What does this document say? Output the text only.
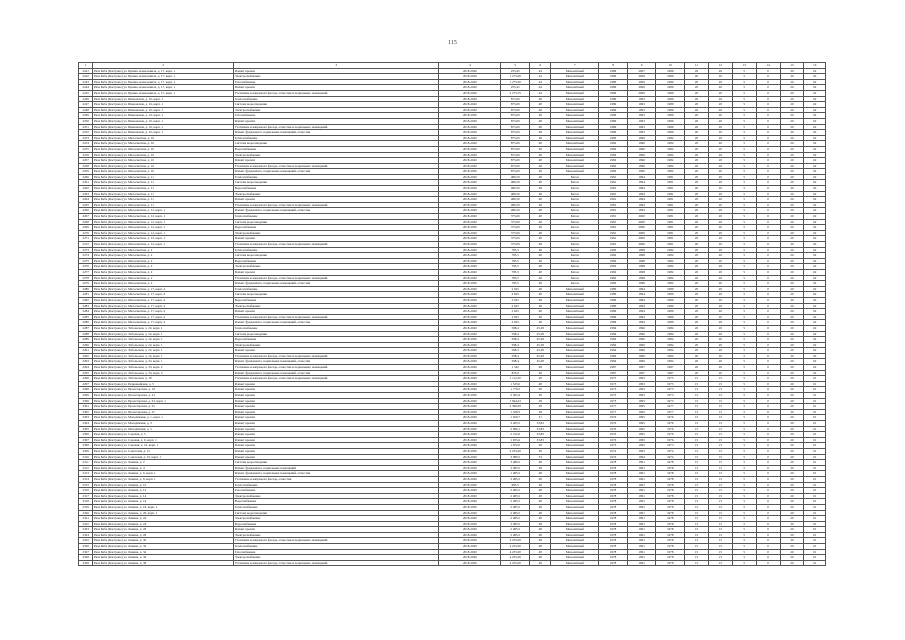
115
1	2	3	4	5	6	7	8	9	10	11	12	13	14	15	16
2241	Риза Баба (Кастрово) ул. Бранна-Алексеевича, д. 17, корп. 1	Ремонт кровли	2018-2020	255,45	44	Монолитный	1989	2007	1989	20	20	5	0	20	02
2242	Риза Баба (Кастрово) ул. Бранна-Алексеевича, д. 17, корп. 1	Электроснабжение	2018-2020	1 275,00	44	Монолитный	1989	2009	1989	20	20	5	0	20	02
2243	Риза Баба (Кастрово) ул. Бранна-Алексеевича, д. 17, корп. 1	Газоснабжение	2018-2020	1 275,00	44	Монолитный	1989	2009	1989	20	20	5	0	20	02
2244	Риза Баба (Кастрово) ул. Бранна-Алексеевича, д. 17, корп. 1	Ремонт кровли	2018-2020	255,45	44	Монолитный	1989	2009	1989	20	20	5	0	20	02
2245	Риза Баба (Кастрово) ул. Бранна-Алексеевича, д. 17, корп. 1	Утепление и капремонт фасада, отмостки и подвальных помещений	2018-2020	2 275,55	44	Монолитный	1989	2009	1989	20	20	5	0	20	02
2246	Риза Баба (Кастрово) ул. Ивановская, д. 16, корп. 1	Теплоснабжение	2018-2020	875,00	48	Монолитный	1989	1993	1989	20	20	5	0	20	02
2247	Риза Баба (Кастрово) ул. Ивановская, д. 16, корп. 1	Система водоотведения	2018-2020	875,00	48	Монолитный	1989	1993	1989	20	20	5	0	20	02
2248	Риза Баба (Кастрово) ул. Ивановская, д. 16, корп. 1	Электроснабжение	2018-2020	875,00	48	Монолитный	1989	1993	1989	20	20	5	0	20	02
2249	Риза Баба (Кастрово) ул. Ивановская, д. 16, корп. 1	Газоснабжение	2018-2020	875,00	48	Монолитный	1989	1993	1989	20	20	5	0	20	02
2250	Риза Баба (Кастрово) ул. Ивановская, д. 16, корп. 1	Ремонт кровли	2018-2020	875,00	48	Монолитный	1989	1993	1989	20	20	5	0	20	02
2251	Риза Баба (Кастрово) ул. Ивановская, д. 16, корп. 1	Утепление и капремонт фасада, отмостки и подвальных помещений	2018-2020	875,00	48	Монолитный	1989	1993	1989	20	20	5	0	20	02
2252	Риза Баба (Кастрово) ул. Ивановская, д. 16, корп. 1	Ремонт фундамента, подвальных помещений, отмостки	2018-2020	875,00	48	Монолитный	1989	1993	1989	20	20	5	0	20	02
2253	Риза Баба (Кастрово) ул. Малосветная, д. 10	Теплоснабжение	2018-2020	875,00	48	Монолитный	1982	1996	1982	20	20	5	0	20	02
2254	Риза Баба (Кастрово) ул. Малосветная, д. 10	Система водоотведения	2018-2020	875,00	48	Монолитный	1982	1996	1982	20	20	5	0	20	02
2255	Риза Баба (Кастрово) ул. Малосветная, д. 10	Водоснабжение	2018-2020	875,00	48	Монолитный	1982	1996	1982	20	20	5	0	20	02
2256	Риза Баба (Кастрово) ул. Малосветная, д. 10	Электроснабжение	2018-2020	875,00	48	Монолитный	1982	1996	1982	20	20	5	0	20	02
2257	Риза Баба (Кастрово) ул. Малосветная, д. 10	Ремонт кровли	2018-2020	875,00	48	Монолитный	1982	1996	1982	20	20	5	0	20	02
2258	Риза Баба (Кастрово) ул. Малосветная, д. 10	Утепление и капремонт фасада, отмостки и подвальных помещений	2018-2020	875,00	48	Монолитный	1982	1996	1982	20	20	5	0	20	02
2259	Риза Баба (Кастрово) ул. Малосветная, д. 10	Ремонт фундамента, подвальных помещений, отмостки	2018-2020	875,00	48	Монолитный	1982	1996	1982	20	20	5	0	20	02
2260	Риза Баба (Кастрово) ул. Малосветная, д. 11	Теплоснабжение	2018-2020	486,50	48	Бетон	1981	1994	1981	20	20	5	0	20	02
2261	Риза Баба (Кастрово) ул. Малосветная, д. 11	Система водоотведения	2018-2020	486,50	48	Бетон	1981	1994	1981	20	20	5	0	20	02
2262	Риза Баба (Кастрово) ул. Малосветная, д. 11	Водоснабжение	2018-2020	486,50	48	Бетон	1981	1994	1981	20	20	5	0	20	02
2263	Риза Баба (Кастрово) ул. Малосветная, д. 11	Электроснабжение	2018-2020	486,50	48	Бетон	1981	1994	1981	20	20	5	0	20	02
2264	Риза Баба (Кастрово) ул. Малосветная, д. 11	Ремонт кровли	2018-2020	486,50	48	Бетон	1981	1994	1981	20	20	5	0	20	02
2265	Риза Баба (Кастрово) ул. Малосветная, д. 11	Утепление и капремонт фасада, отмостки и подвальных помещений	2018-2020	486,50	48	Бетон	1981	1994	1981	20	20	5	0	20	02
2266	Риза Баба (Кастрово) ул. Малосветная, д. 12, корп. 1	Ремонт фундамента, подвальных помещений, отмостки	2018-2020	486,50	48	Бетон	1981	1994	1981	20	20	5	0	20	02
2267	Риза Баба (Кастрово) ул. Малосветная, д. 12, корп. 1	Теплоснабжение	2018-2020	375,00	48	Бетон	1981	2000	1981	20	20	5	0	20	02
2268	Риза Баба (Кастрово) ул. Малосветная, д. 12, корп. 1	Система водоотведения	2018-2020	375,00	48	Бетон	1981	2000	1981	20	20	5	0	20	02
2269	Риза Баба (Кастрово) ул. Малосветная, д. 12, корп. 1	Водоснабжение	2018-2020	375,00	48	Бетон	1981	2000	1981	20	20	5	0	20	02
2270	Риза Баба (Кастрово) ул. Малосветная, д. 12, корп. 1	Электроснабжение	2018-2020	375,00	48	Бетон	1981	2000	1981	20	20	5	0	20	02
2271	Риза Баба (Кастрово) ул. Малосветная, д. 12, корп. 1	Ремонт кровли	2018-2020	375,00	48	Бетон	1981	2000	1981	20	20	5	0	20	02
2272	Риза Баба (Кастрово) ул. Малосветная, д. 12, корп. 1	Утепление и капремонт фасада, отмостки и подвальных помещений	2018-2020	375,00	48	Бетон	1981	2000	1981	20	20	5	0	20	02
2273	Риза Баба (Кастрово) ул. Малосветная, д. 2	Теплоснабжение	2018-2020	785,5	48	Бетон	1982	1998	1982	20	20	5	0	20	02
2274	Риза Баба (Кастрово) ул. Малосветная, д. 2	Система водоотведения	2018-2020	785,5	48	Бетон	1982	1998	1982	20	20	5	0	20	02
2275	Риза Баба (Кастрово) ул. Малосветная, д. 2	Водоснабжение	2018-2020	785,5	48	Бетон	1982	1998	1982	20	20	5	0	20	02
2276	Риза Баба (Кастрово) ул. Малосветная, д. 2	Электроснабжение	2018-2020	785,5	48	Бетон	1982	1998	1982	20	20	5	0	20	02
2277	Риза Баба (Кастрово) ул. Малосветная, д. 2	Ремонт кровли	2018-2020	785,5	48	Бетон	1982	1998	1982	20	20	5	0	20	02
2278	Риза Баба (Кастрово) ул. Малосветная, д. 2	Утепление и капремонт фасада, отмостки и подвальных помещений	2018-2020	785,5	48	Бетон	1982	1998	1982	20	20	5	0	20	02
2279	Риза Баба (Кастрово) ул. Малосветная, д. 2	Ремонт фундамента, подвальных помещений, отмостки	2018-2020	785,5	48	Бетон	1982	1998	1982	20	20	5	0	20	02
2280	Риза Баба (Кастрово) ул. Малосветная, д. 17, корп. 4	Теплоснабжение	2018-2020	2 625	48	Монолитный	1989	1994	1989	20	20	5	0	20	02
2281	Риза Баба (Кастрово) ул. Малосветная, д. 17, корп. 4	Система водоотведения	2018-2020	2 625	48	Монолитный	1989	1994	1989	20	20	5	0	20	02
2282	Риза Баба (Кастрово) ул. Малосветная, д. 17, корп. 4	Водоснабжение	2018-2020	2 625	48	Монолитный	1989	1994	1989	20	20	5	0	20	02
2283	Риза Баба (Кастрово) ул. Малосветная, д. 17, корп. 4	Электроснабжение	2018-2020	2 625	48	Монолитный	1989	1994	1989	20	20	5	0	20	02
2284	Риза Баба (Кастрово) ул. Малосветная, д. 17, корп. 4	Ремонт кровли	2018-2020	2 625	48	Монолитный	1989	1994	1989	20	20	5	0	20	02
2285	Риза Баба (Кастрово) ул. Малосветная, д. 17, корп. 4	Утепление и капремонт фасада, отмостки и подвальных помещений	2018-2020	2 625	48	Монолитный	1989	1994	1989	20	20	5	0	20	02
2286	Риза Баба (Кастрово) ул. Малосветная, д. 17, корп. 4	Ремонт фундамента, подвальных помещений, отмостки	2018-2020	2 625	48	Монолитный	1989	1994	1989	20	20	5	0	20	02
2287	Риза Баба (Кастрово) ул. Тобольская, д. 22, корп. 1	Теплоснабжение	2018-2020	598,4	45,28	Монолитный	1984	1996	1984	20	20	5	0	20	02
2288	Риза Баба (Кастрово) ул. Тобольская, д. 22, корп. 1	Система водоотведения	2018-2020	598,4	45,28	Монолитный	1984	1996	1984	20	20	5	0	20	02
2289	Риза Баба (Кастрово) ул. Тобольская, д. 22, корп. 1	Водоснабжение	2018-2020	598,4	45,28	Монолитный	1984	1996	1984	20	20	5	0	20	02
2290	Риза Баба (Кастрово) ул. Тобольская, д. 22, корп. 1	Электроснабжение	2018-2020	598,4	45,28	Монолитный	1984	1996	1984	20	20	5	0	20	02
2291	Риза Баба (Кастрово) ул. Тобольская, д. 22, корп. 1	Ремонт кровли	2018-2020	598,4	45,28	Монолитный	1984	1996	1984	20	20	5	0	20	02
2292	Риза Баба (Кастрово) ул. Тобольская, д. 22, корп. 1	Утепление и капремонт фасада, отмостки и подвальных помещений	2018-2020	598,4	45,28	Монолитный	1984	1996	1984	20	20	5	0	20	02
2293	Риза Баба (Кастрово) ул. Тобольская, д. 22, корп. 1	Ремонт фундамента, подвальных помещений, отмостки	2018-2020	598,4	45,28	Монолитный	1984	1996	1984	20	20	5	0	20	02
2294	Риза Баба (Кастрово) ул. Тобольская, д. 33, корп. 2	Утепление и капремонт фасада, отмостки и подвальных помещений	2018-2020	1 542	48	Монолитный	1987	1997	1987	20	20	5	0	20	02
2295	Риза Баба (Кастрово) ул. Тобольская, д. 33, корп. 2	Ремонт фундамента, подвальных помещений, отмостки	2018-2020	825,0	48	Монолитный	1987	1997	1987	20	20	5	0	20	02
2296	Риза Баба (Кастрово) ул. Тобольская, д. 18	Утепление и капремонт фасада, отмостки и подвальных помещений	2018-2020	1 112,20	28	Монолитный	1975	1993	1975	15	15	5	0	20	01
2297	Риза Баба (Кастрово) ул. Первомайская, д. 5	Ремонт кровли	2018-2020	1 525,0	48	Монолитный	1973	1993	1973	15	15	5	0	20	01
2298	Риза Баба (Кастрово) ул. Пролетарская, д. 19	Ремонт кровли	2018-2020	1 776,5	28	Монолитный	1973	1993	1973	15	15	5	0	20	01
2299	Риза Баба (Кастрово) ул. Пролетарская, д. 21	Ремонт кровли	2018-2020	2 365,4	28	Монолитный	1973	1993	1973	15	15	5	0	20	01
2300	Риза Баба (Кастрово) ул. Пролетарская, д. 23, корп. 1	Ремонт кровли	2018-2020	1 944,43	28	Монолитный	1973	1993	1973	15	15	5	0	20	01
2301	Риза Баба (Кастрово) ул. Пролетарская, д. 25	Ремонт кровли	2018-2020	2 396,09	28	Монолитный	1977	1995	1977	15	15	5	0	20	01
2302	Риза Баба (Кастрово) ул. Пролетарская, д. 27	Ремонт кровли	2018-2020	1 528,5	28	Монолитный	1977	1995	1977	15	15	5	0	20	01
2303	Риза Баба (Кастрово) ул. Молодёжная, д. 1, корп. 1	Ремонт кровли	2018-2020	1 650,7	31	Монолитный	1976	1995	1976	15	15	5	0	20	01
2304	Риза Баба (Кастрово) ул. Молодёжная, д. 3	Ремонт кровли	2018-2020	2 465,5	33,83	Монолитный	1976	1995	1976	15	15	5	0	20	01
2305	Риза Баба (Кастрово) ул. Молодёжная, д. 5	Ремонт кровли	2018-2020	2 996,1	33,83	Монолитный	1976	1995	1976	15	15	5	0	20	01
2306	Риза Баба (Кастрово) ул. Садовая, д. 5	Ремонт кровли	2018-2020	2 312,0	33,83	Монолитный	1976	1995	1976	15	15	5	0	20	01
2307	Риза Баба (Кастрово) ул. Садовая, д. 6, корп. 1	Ремонт кровли	2018-2020	1 655,6	33,83	Монолитный	1976	1995	1976	15	15	5	0	20	01
2308	Риза Баба (Кастрово) ул. Садовая, д. 10, корп. 1	Ремонт кровли	2018-2020	1 972,6	28	Монолитный	1973	1992	1973	15	15	5	0	20	01
2309	Риза Баба (Кастрово) ул. Советская, д. 15	Ремонт кровли	2018-2020	2 235,66	28	Монолитный	1974	1993	1974	15	15	5	0	20	01
2310	Риза Баба (Кастрово) ул. Советская, д. 25, корп. 1	Ремонт кровли	2018-2020	3 080,5	33	Монолитный	1974	1994	1974	15	15	5	0	20	01
2311	Риза Баба (Кастрово) ул. Ленина, д. 2	Система водоотведения	2018-2020	3 480,5	48	Монолитный	1978	1991	1978	15	15	5	0	20	01
2312	Риза Баба (Кастрово) ул. Ленина, д. 4	Ремонт фундамента, подвальных помещений	2018-2020	2 485,5	48	Монолитный	1978	1991	1978	15	15	5	0	20	01
2313	Риза Баба (Кастрово) ул. Ленина, д. 6, корп. 1	Ремонт фундамента, подвальных помещений, отмостки	2018-2020	1 485,5	48	Монолитный	1978	1991	1978	15	15	5	0	20	01
2314	Риза Баба (Кастрово) ул. Ленина, д. 8, корп. 1	Утепление и капремонт фасада, отмостки	2018-2020	2 485,5	48	Монолитный	1978	1991	1978	15	15	5	0	20	01
2315	Риза Баба (Кастрово) ул. Ленина, д. 10	Теплоснабжение	2018-2020	985,5	48	Монолитный	1978	1991	1978	15	15	5	0	20	01
2316	Риза Баба (Кастрово) ул. Ленина, д. 12	Газоснабжение	2018-2020	2 485,5	48	Монолитный	1978	1991	1978	15	15	5	0	20	01
2317	Риза Баба (Кастрово) ул. Ленина, д. 14	Электроснабжение	2018-2020	2 485,5	48	Монолитный	1978	1991	1978	15	15	5	0	20	01
2318	Риза Баба (Кастрово) ул. Ленина, д. 16	Водоснабжение	2018-2020	2 485,5	48	Монолитный	1978	1991	1978	15	15	5	0	20	01
2319	Риза Баба (Кастрово) ул. Ленина, д. 18, корп. 1	Теплоснабжение	2018-2020	2 485,5	48	Монолитный	1978	1991	1978	15	15	5	0	20	01
2320	Риза Баба (Кастрово) ул. Ленина, д. 20, корп. 1	Система водоотведения	2018-2020	2 485,5	48	Монолитный	1978	1991	1978	15	15	5	0	20	01
2321	Риза Баба (Кастрово) ул. Ленина, д. 22	Электроснабжение	2018-2020	2 485,5	48	Монолитный	1978	1991	1978	15	15	5	0	20	01
2322	Риза Баба (Кастрово) ул. Ленина, д. 24	Водоснабжение	2018-2020	2 485,5	48	Монолитный	1978	1991	1978	15	15	5	0	20	01
2323	Риза Баба (Кастрово) ул. Ленина, д. 26	Ремонт кровли	2018-2020	2 485,5	48	Монолитный	1978	1991	1978	15	15	5	0	20	01
2324	Риза Баба (Кастрово) ул. Ленина, д. 28	Электроснабжение	2018-2020	2 485,5	48	Монолитный	1978	1991	1978	15	15	5	0	20	01
2325	Риза Баба (Кастрово) ул. Ленина, д. 30	Утепление и капремонт фасада, отмостки и подвальных помещений	2018-2020	4 255,00	48	Монолитный	1978	1991	1978	15	15	5	0	20	01
2326	Риза Баба (Кастрово) ул. Ленина, д. 32	Теплоснабжение	2018-2020	4 255,00	48	Монолитный	1978	1991	1978	15	15	5	0	20	01
2327	Риза Баба (Кастрово) ул. Ленина, д. 34	Газоснабжение	2018-2020	4 255,00	48	Монолитный	1978	1991	1978	15	15	5	0	20	01
2328	Риза Баба (Кастрово) ул. Ленина, д. 36	Электроснабжение	2018-2020	4 255,00	48	Монолитный	1978	1991	1978	15	15	5	0	20	01
2329	Риза Баба (Кастрово) ул. Ленина, д. 38	Утепление и капремонт фасада, отмостки и подвальных помещений	2018-2020	4 255,00	48	Монолитный	1978	1991	1978	15	15	5	0	20	01
